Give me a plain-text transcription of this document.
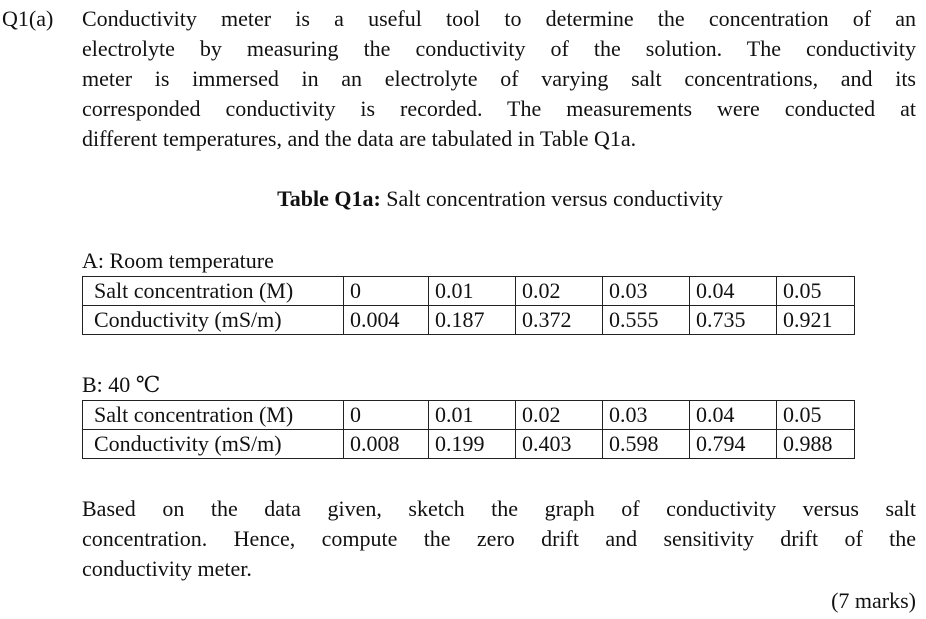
Q1(a) Conductivity meter is a useful tool to determine the concentration of an
electrolyte by measuring the conductivity of the solution. The conductivity
meter is immersed in an electrolyte of varying salt concentrations, and its
corresponded conductivity is recorded. The measurements were conducted at
different temperatures, and the data are tabulated in Table Q1a.
Table Q1a: Salt concentration versus conductivity
A: Room temperature
Salt concentration (M)	0	0.01	0.02	0.03	0.04	0.05
Conductivity (mS/m)	0.004	0.187	0.372	0.555	0.735	0.921
B: 40 ℃
Salt concentration (M)	0	0.01	0.02	0.03	0.04	0.05
Conductivity (mS/m)	0.008	0.199	0.403	0.598	0.794	0.988
Based on the data given, sketch the graph of conductivity versus salt
concentration. Hence, compute the zero drift and sensitivity drift of the
conductivity meter.
(7 marks)
